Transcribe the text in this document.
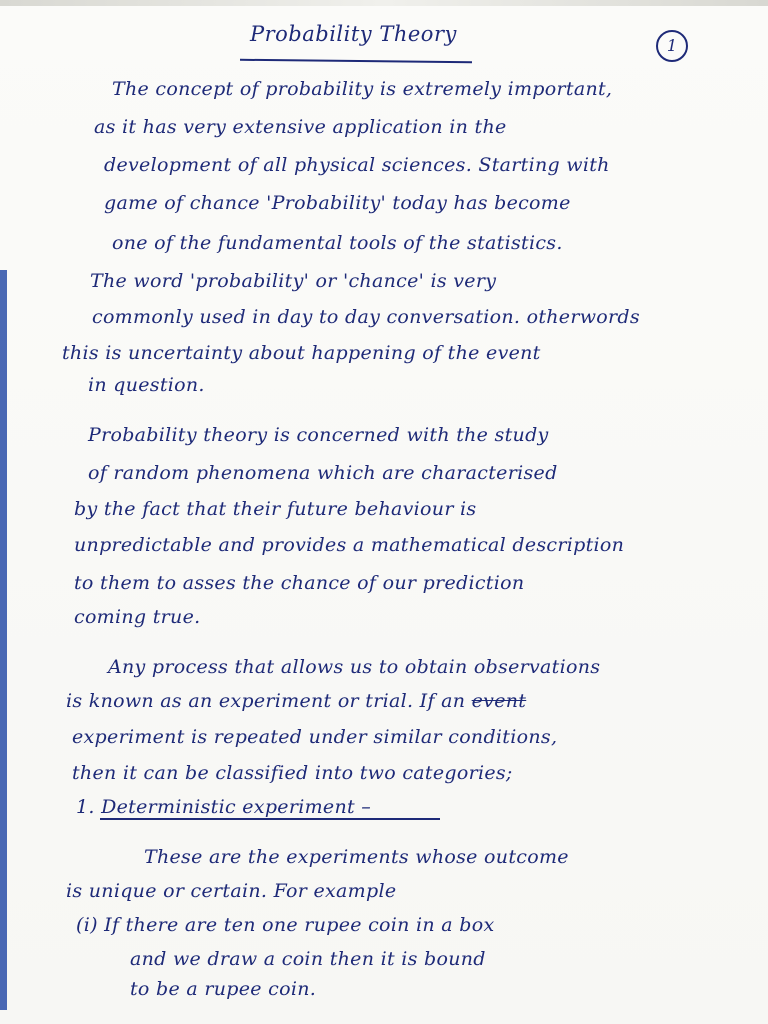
Probability Theory	1
The concept of probability is extremely important,
as it has very extensive application in the
development of all physical sciences. Starting with
game of chance 'Probability' today has become
one of the fundamental tools of the statistics.
The word 'probability' or 'chance' is very
commonly used in day to day conversation. otherwords
this is uncertainty about happening of the event
in question.
Probability theory is concerned with the study
of random phenomena which are characterised
by the fact that their future behaviour is
unpredictable and provides a mathematical description
to them to asses the chance of our prediction
coming true.
Any process that allows us to obtain observations
is known as an experiment or trial. If an event
experiment is repeated under similar conditions,
then it can be classified into two categories;
1. Deterministic experiment –
These are the experiments whose outcome
is unique or certain. For example
(i) If there are ten one rupee coin in a box
and we draw a coin then it is bound
to be a rupee coin.
